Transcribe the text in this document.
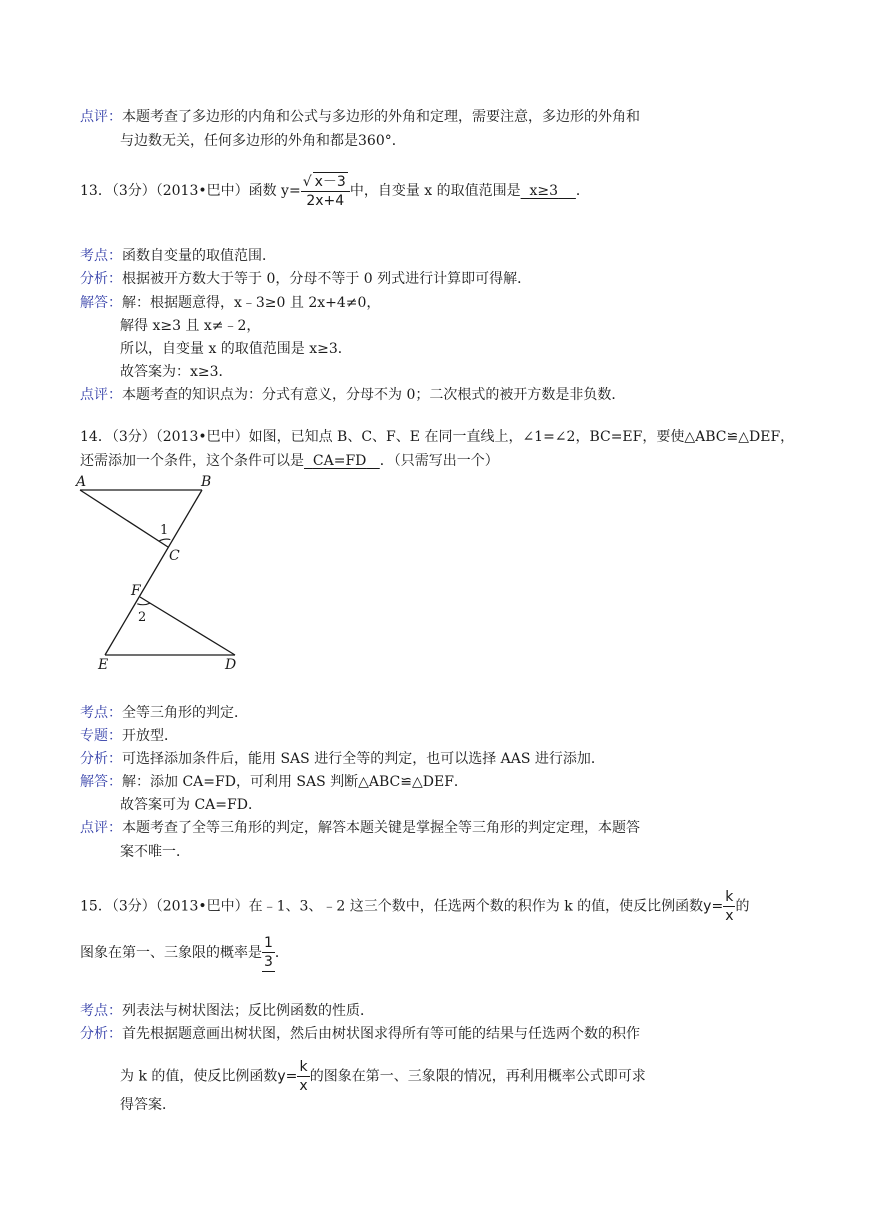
点评：本题考查了多边形的内角和公式与多边形的外角和定理，需要注意，多边形的外角和
与边数无关，任何多边形的外角和都是360°．
13．（3分）（2013•巴中）函数 $y= \frac{√ x-3}{2x+4}$ 中，自变量 x 的取值范围是 x≥3 ．
考点：函数自变量的取值范围．
分析：根据被开方数大于等于 0，分母不等于 0 列式进行计算即可得解．
解答：解：根据题意得，x﹣3≥0 且 2x+4≠0，
解得 x≥3 且 x≠﹣2，
所以，自变量 x 的取值范围是 x≥3．
故答案为：x≥3．
点评：本题考查的知识点为：分式有意义，分母不为 0；二次根式的被开方数是非负数．
14．（3分）（2013•巴中）如图，已知点 B、C、F、E 在同一直线上，∠1=∠2，BC=EF，要使△ABC≌△DEF，
还需添加一个条件，这个条件可以是 CA=FD ．（只需写出一个）
A	B
C
F
E	D
1
2
考点：全等三角形的判定．
专题：开放型．
分析：可选择添加条件后，能用 SAS 进行全等的判定，也可以选择 AAS 进行添加．
解答：解：添加 CA=FD，可利用 SAS 判断△ABC≌△DEF．
故答案可为 CA=FD．
点评：本题考查了全等三角形的判定，解答本题关键是掌握全等三角形的判定定理，本题答
案不唯一．
15．（3分）（2013•巴中）在﹣1、3、﹣2 这三个数中，任选两个数的积作为 k 的值，使反比例函数$y= \frac{k}{x}$ 的
图象在第一、三象限的概率是 $\frac{1}{3}$ ．
考点：列表法与树状图法；反比例函数的性质．
分析：首先根据题意画出树状图，然后由树状图求得所有等可能的结果与任选两个数的积作
为 k 的值，使反比例函数$y= \frac{k}{x}$ 的图象在第一、三象限的情况，再利用概率公式即可求
得答案．
